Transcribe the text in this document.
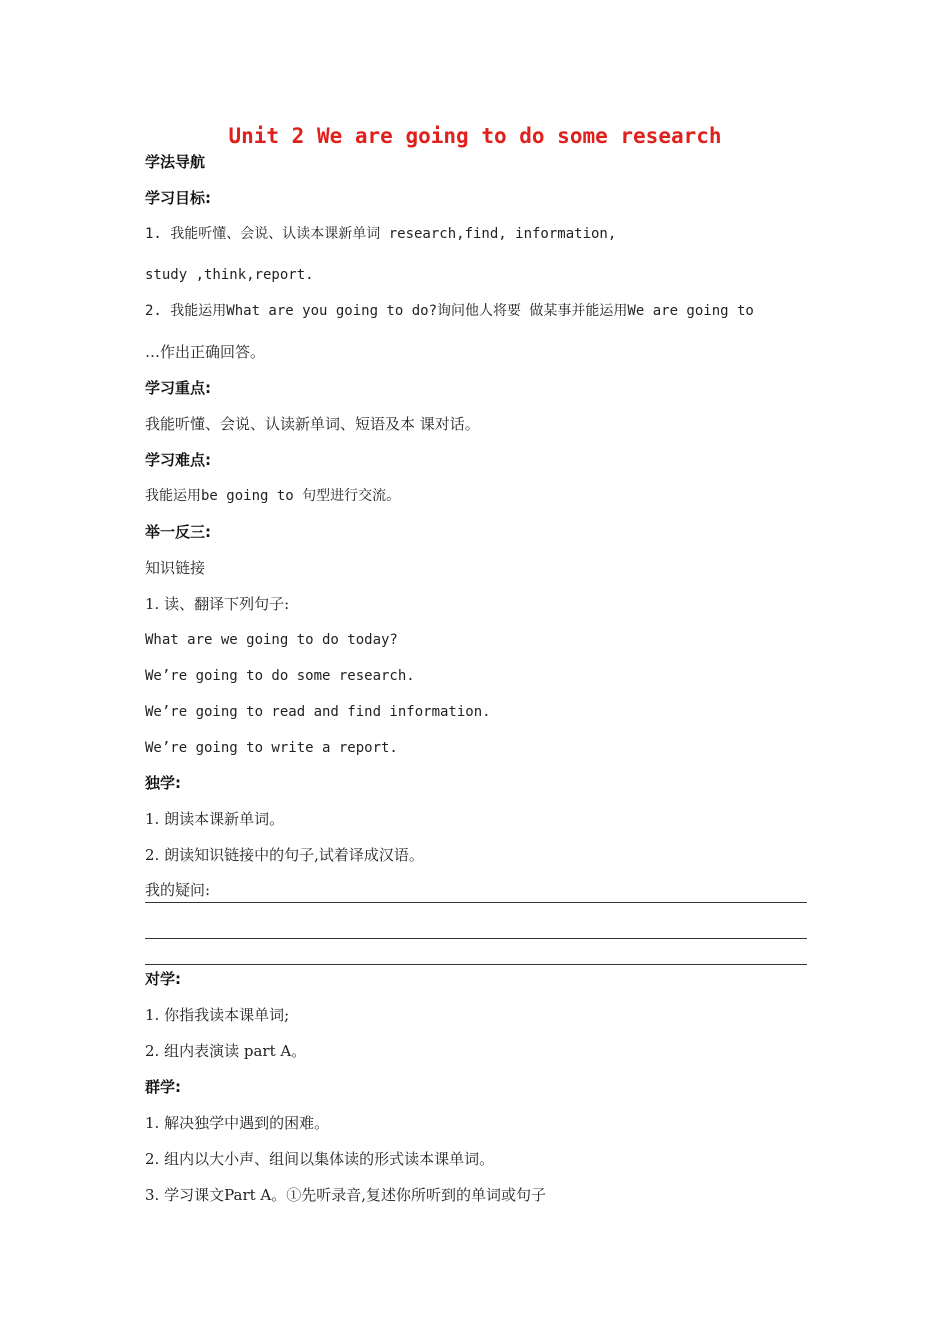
Unit 2 We are going to do some research
学法导航
学习目标:
1. 我能听懂、会说、认读本课新单词 research,find, information,
study ,think,report.
2. 我能运用What are you going to do?询问他人将要 做某事并能运用We are going to
…作出正确回答。
学习重点:
我能听懂、会说、认读新单词、短语及本 课对话。
学习难点:
我能运用be going to 句型进行交流。
举一反三:
知识链接
1. 读、翻译下列句子:
What are we going to do today?
We’re going to do some research.
We’re going to read and find information.
We’re going to write a report.
独学:
1. 朗读本课新单词。
2. 朗读知识链接中的句子,试着译成汉语。
我的疑问:
对学:
1. 你指我读本课单词;
2. 组内表演读 part A。
群学:
1. 解决独学中遇到的困难。
2. 组内以大小声、组间以集体读的形式读本课单词。
3. 学习课文Part A。①先听录音,复述你所听到的单词或句子
